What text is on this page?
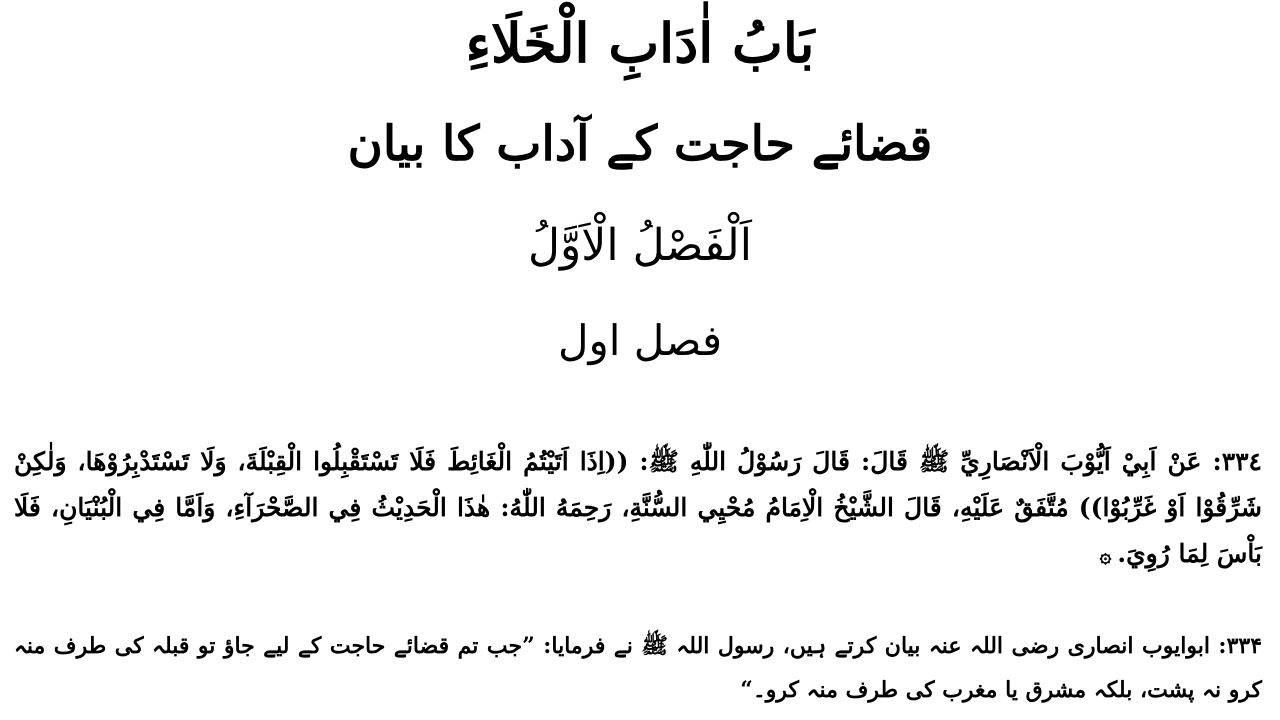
بَابُ اٰدَابِ الْخَلَاءِ
قضائے حاجت کے آداب کا بیان
اَلْفَصْلُ الْاَوَّلُ
فصل اول

٣٣٤: عَنْ اَبِيْ اَيُّوْبَ الْاَنْصَارِيِّ ﷺ قَالَ: قَالَ رَسُوْلُ اللّٰهِ ﷺ: ((اِذَا اَتَيْتُمُ الْغَائِطَ فَلَا تَسْتَقْبِلُوا الْقِبْلَةَ، وَلَا تَسْتَدْبِرُوْهَا، وَلٰكِنْ شَرِّقُوْا اَوْ غَرِّبُوْا)) مُتَّفَقٌ عَلَيْهِ، قَالَ الشَّيْخُ الْاِمَامُ مُحْيِي السُّنَّةِ، رَحِمَهُ اللّٰهُ: هٰذَا الْحَدِيْثُ فِي الصَّحْرَآءِ، وَاَمَّا فِي الْبُنْيَانِ، فَلَا بَاْسَ لِمَا رُوِيَ.۞

۳۳۴: ابوایوب انصاری رضی اللہ عنہ بیان کرتے ہیں، رسول اللہ ﷺ نے فرمایا: ”جب تم قضائے حاجت کے لیے جاؤ تو قبلہ کی طرف منہ کرو نہ پشت، بلکہ مشرق یا مغرب کی طرف منہ کرو۔“
